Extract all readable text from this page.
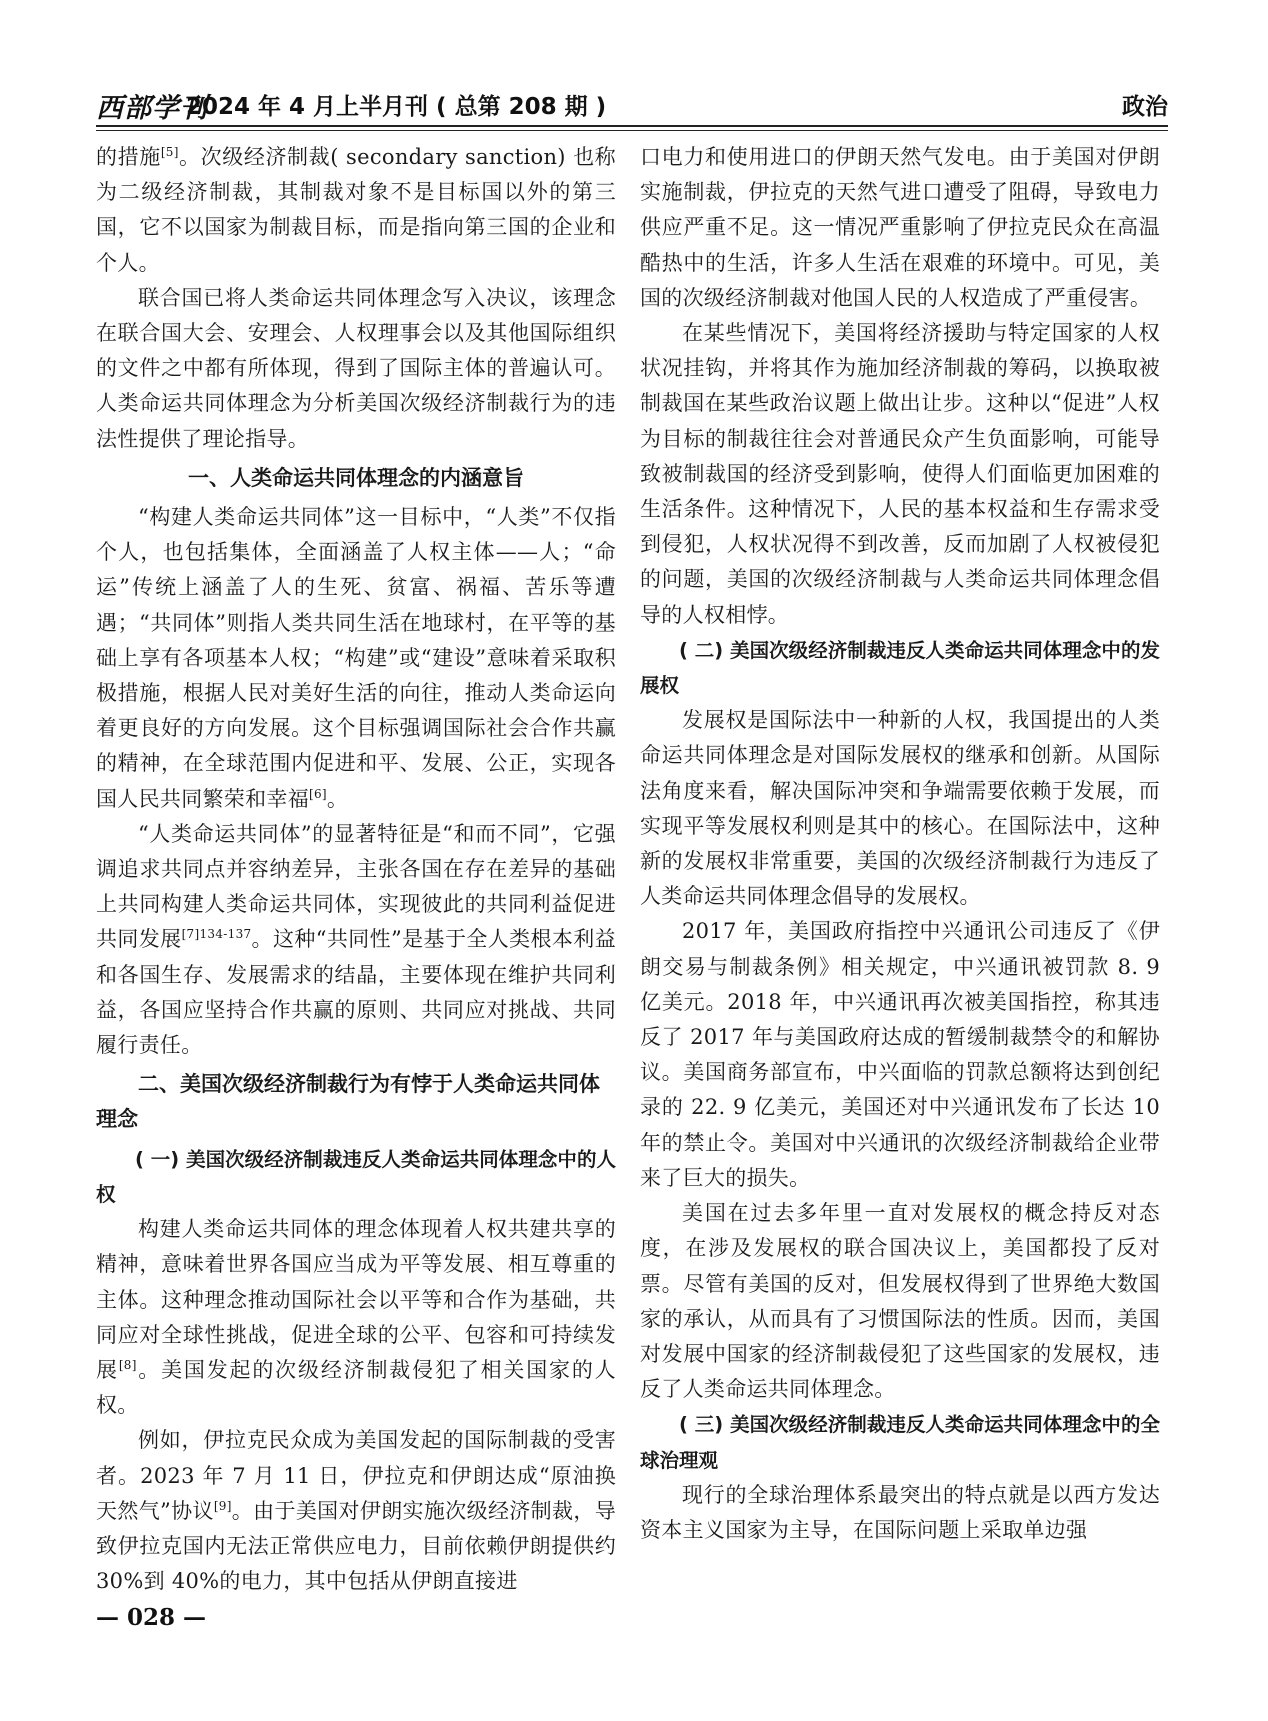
西部学刊
2024 年 4 月上半月刊 ( 总第 208 期 )	政治

的措施[5]。次级经济制裁( secondary sanction) 也称为二级经济制裁，其制裁对象不是目标国以外的第三国，它不以国家为制裁目标，而是指向第三国的企业和个人。

联合国已将人类命运共同体理念写入决议，该理念在联合国大会、安理会、人权理事会以及其他国际组织的文件之中都有所体现，得到了国际主体的普遍认可。人类命运共同体理念为分析美国次级经济制裁行为的违法性提供了理论指导。

一、人类命运共同体理念的内涵意旨

“构建人类命运共同体”这一目标中，“人类”不仅指个人，也包括集体，全面涵盖了人权主体——人；“命运”传统上涵盖了人的生死、贫富、祸福、苦乐等遭遇；“共同体”则指人类共同生活在地球村，在平等的基础上享有各项基本人权；“构建”或“建设”意味着采取积极措施，根据人民对美好生活的向往，推动人类命运向着更良好的方向发展。这个目标强调国际社会合作共赢的精神，在全球范围内促进和平、发展、公正，实现各国人民共同繁荣和幸福[6]。

“人类命运共同体”的显著特征是“和而不同”，它强调追求共同点并容纳差异，主张各国在存在差异的基础上共同构建人类命运共同体，实现彼此的共同利益促进共同发展$^{[7]134-137}$。这种“共同性”是基于全人类根本利益和各国生存、发展需求的结晶，主要体现在维护共同利益，各国应坚持合作共赢的原则、共同应对挑战、共同履行责任。

二、美国次级经济制裁行为有悖于人类命运共同体理念
( 一) 美国次级经济制裁违反人类命运共同体理念中的人权

构建人类命运共同体的理念体现着人权共建共享的精神，意味着世界各国应当成为平等发展、相互尊重的主体。这种理念推动国际社会以平等和合作为基础，共同应对全球性挑战，促进全球的公平、包容和可持续发展[8]。美国发起的次级经济制裁侵犯了相关国家的人权。

例如，伊拉克民众成为美国发起的国际制裁的受害者。2023 年 7 月 11 日，伊拉克和伊朗达成“原油换天然气”协议[9]。由于美国对伊朗实施次级经济制裁，导致伊拉克国内无法正常供应电力，目前依赖伊朗提供约 30%到 40%的电力，其中包括从伊朗直接进

口电力和使用进口的伊朗天然气发电。由于美国对伊朗实施制裁，伊拉克的天然气进口遭受了阻碍，导致电力供应严重不足。这一情况严重影响了伊拉克民众在高温酷热中的生活，许多人生活在艰难的环境中。可见，美国的次级经济制裁对他国人民的人权造成了严重侵害。

在某些情况下，美国将经济援助与特定国家的人权状况挂钩，并将其作为施加经济制裁的筹码，以换取被制裁国在某些政治议题上做出让步。这种以“促进”人权为目标的制裁往往会对普通民众产生负面影响，可能导致被制裁国的经济受到影响，使得人们面临更加困难的生活条件。这种情况下，人民的基本权益和生存需求受到侵犯，人权状况得不到改善，反而加剧了人权被侵犯的问题，美国的次级经济制裁与人类命运共同体理念倡导的人权相悖。

( 二) 美国次级经济制裁违反人类命运共同体理念中的发展权

发展权是国际法中一种新的人权，我国提出的人类命运共同体理念是对国际发展权的继承和创新。从国际法角度来看，解决国际冲突和争端需要依赖于发展，而实现平等发展权利则是其中的核心。在国际法中，这种新的发展权非常重要，美国的次级经济制裁行为违反了人类命运共同体理念倡导的发展权。

2017 年，美国政府指控中兴通讯公司违反了《伊朗交易与制裁条例》相关规定，中兴通讯被罚款 8. 9 亿美元。2018 年，中兴通讯再次被美国指控，称其违反了 2017 年与美国政府达成的暂缓制裁禁令的和解协议。美国商务部宣布，中兴面临的罚款总额将达到创纪录的 22. 9 亿美元，美国还对中兴通讯发布了长达 10 年的禁止令。美国对中兴通讯的次级经济制裁给企业带来了巨大的损失。

美国在过去多年里一直对发展权的概念持反对态度，在涉及发展权的联合国决议上，美国都投了反对票。尽管有美国的反对，但发展权得到了世界绝大数国家的承认，从而具有了习惯国际法的性质。因而，美国对发展中国家的经济制裁侵犯了这些国家的发展权，违反了人类命运共同体理念。

( 三) 美国次级经济制裁违反人类命运共同体理念中的全球治理观

现行的全球治理体系最突出的特点就是以西方发达资本主义国家为主导，在国际问题上采取单边强

— 028 —
